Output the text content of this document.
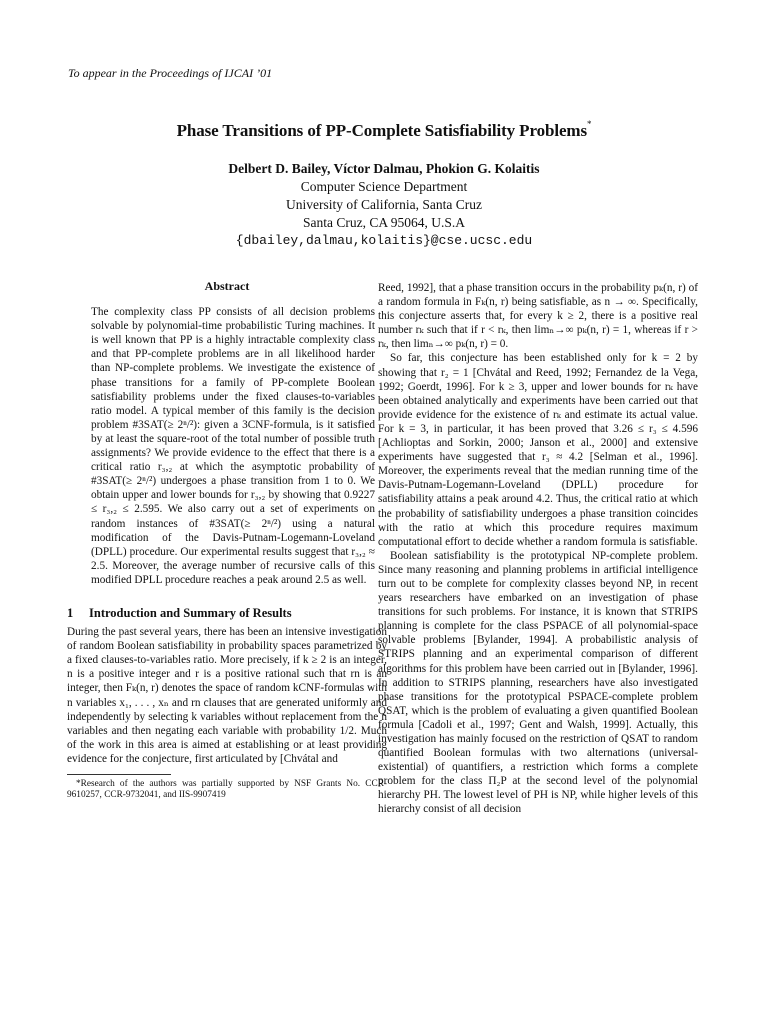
To appear in the Proceedings of IJCAI ’01
Phase Transitions of PP-Complete Satisfiability Problems*
Delbert D. Bailey, Víctor Dalmau, Phokion G. Kolaitis
Computer Science Department
University of California, Santa Cruz
Santa Cruz, CA 95064, U.S.A
{dbailey,dalmau,kolaitis}@cse.ucsc.edu
Abstract

The complexity class PP consists of all decision problems solvable by polynomial-time probabilistic Turing machines. It is well known that PP is a highly intractable complexity class and that PP-complete problems are in all likelihood harder than NP-complete problems. We investigate the existence of phase transitions for a family of PP-complete Boolean satisfiability problems under the fixed clauses-to-variables ratio model. A typical member of this family is the decision problem #3SAT(≥ 2ⁿ/²): given a 3CNF-formula, is it satisfied by at least the square-root of the total number of possible truth assignments? We provide evidence to the effect that there is a critical ratio r₃,₂ at which the asymptotic probability of #3SAT(≥ 2ⁿ/²) undergoes a phase transition from 1 to 0. We obtain upper and lower bounds for r₃,₂ by showing that 0.9227 ≤ r₃,₂ ≤ 2.595. We also carry out a set of experiments on random instances of #3SAT(≥ 2ⁿ/²) using a natural modification of the Davis-Putnam-Logemann-Loveland (DPLL) procedure. Our experimental results suggest that r₃,₂ ≈ 2.5. Moreover, the average number of recursive calls of this modified DPLL procedure reaches a peak around 2.5 as well.

1 Introduction and Summary of Results

During the past several years, there has been an intensive investigation of random Boolean satisfiability in probability spaces parametrized by a fixed clauses-to-variables ratio. More precisely, if k ≥ 2 is an integer, n is a positive integer and r is a positive rational such that rn is an integer, then Fₖ(n, r) denotes the space of random kCNF-formulas with n variables x₁, . . . , xₙ and rn clauses that are generated uniformly and independently by selecting k variables without replacement from the n variables and then negating each variable with probability 1/2. Much of the work in this area is aimed at establishing or at least providing evidence for the conjecture, first articulated by [Chvátal and

*Research of the authors was partially supported by NSF Grants No. CCR-9610257, CCR-9732041, and IIS-9907419

Reed, 1992], that a phase transition occurs in the probability pₖ(n, r) of a random formula in Fₖ(n, r) being satisfiable, as n → ∞. Specifically, this conjecture asserts that, for every k ≥ 2, there is a positive real number rₖ such that if r < rₖ, then limₙ→∞ pₖ(n, r) = 1, whereas if r > rₖ, then limₙ→∞ pₖ(n, r) = 0.

So far, this conjecture has been established only for k = 2 by showing that r₂ = 1 [Chvátal and Reed, 1992; Fernandez de la Vega, 1992; Goerdt, 1996]. For k ≥ 3, upper and lower bounds for rₖ have been obtained analytically and experiments have been carried out that provide evidence for the existence of rₖ and estimate its actual value. For k = 3, in particular, it has been proved that 3.26 ≤ r₃ ≤ 4.596 [Achlioptas and Sorkin, 2000; Janson et al., 2000] and extensive experiments have suggested that r₃ ≈ 4.2 [Selman et al., 1996]. Moreover, the experiments reveal that the median running time of the Davis-Putnam-Logemann-Loveland (DPLL) procedure for satisfiability attains a peak around 4.2. Thus, the critical ratio at which the probability of satisfiability undergoes a phase transition coincides with the ratio at which this procedure requires maximum computational effort to decide whether a random formula is satisfiable.

Boolean satisfiability is the prototypical NP-complete problem. Since many reasoning and planning problems in artificial intelligence turn out to be complete for complexity classes beyond NP, in recent years researchers have embarked on an investigation of phase transitions for such problems. For instance, it is known that STRIPS planning is complete for the class PSPACE of all polynomial-space solvable problems [Bylander, 1994]. A probabilistic analysis of STRIPS planning and an experimental comparison of different algorithms for this problem have been carried out in [Bylander, 1996]. In addition to STRIPS planning, researchers have also investigated phase transitions for the prototypical PSPACE-complete problem QSAT, which is the problem of evaluating a given quantified Boolean formula [Cadoli et al., 1997; Gent and Walsh, 1999]. Actually, this investigation has mainly focused on the restriction of QSAT to random quantified Boolean formulas with two alternations (universal-existential) of quantifiers, a restriction which forms a complete problem for the class Π₂P at the second level of the polynomial hierarchy PH. The lowest level of PH is NP, while higher levels of this hierarchy consist of all decision
